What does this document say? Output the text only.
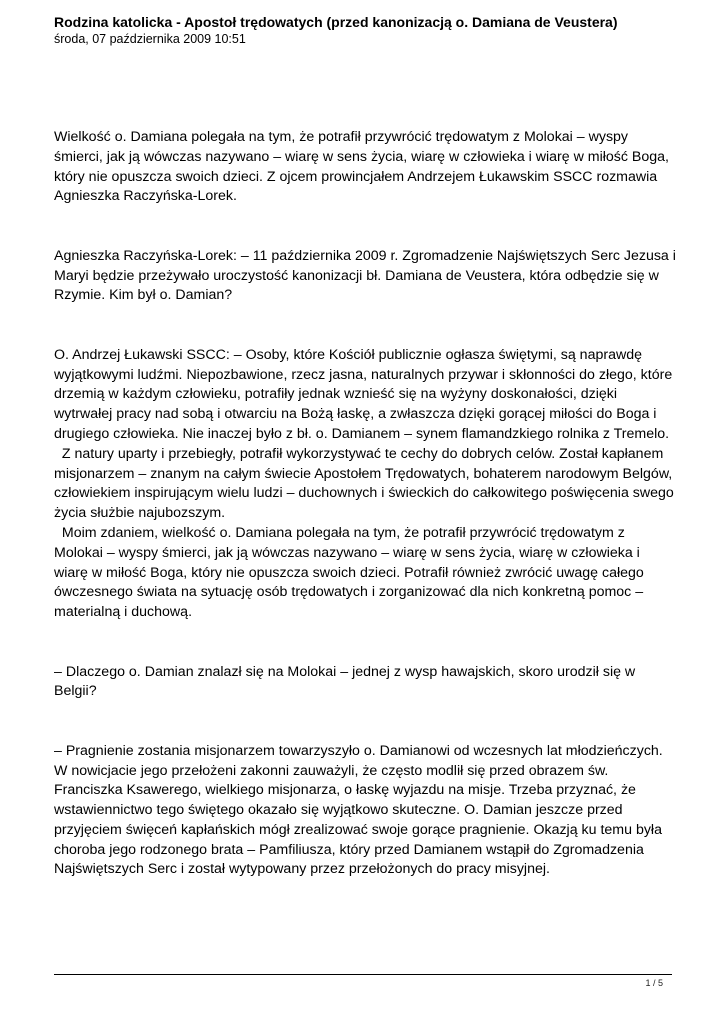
Rodzina katolicka - Apostoł trędowatych (przed kanonizacją o. Damiana de Veustera)
środa, 07 października 2009 10:51

Wielkość o. Damiana polegała na tym, że potrafił przywrócić trędowatym z Molokai – wyspy śmierci, jak ją wówczas nazywano – wiarę w sens życia, wiarę w człowieka i wiarę w miłość Boga, który nie opuszcza swoich dzieci. Z ojcem prowincjałem Andrzejem Łukawskim SSCC rozmawia Agnieszka Raczyńska-Lorek.

Agnieszka Raczyńska-Lorek: – 11 października 2009 r. Zgromadzenie Najświętszych Serc Jezusa i Maryi będzie przeżywało uroczystość kanonizacji bł. Damiana de Veustera, która odbędzie się w Rzymie. Kim był o. Damian?

O. Andrzej Łukawski SSCC: – Osoby, które Kościół publicznie ogłasza świętymi, są naprawdę wyjątkowymi ludźmi. Niepozbawione, rzecz jasna, naturalnych przywar i skłonności do złego, które drzemią w każdym człowieku, potrafiły jednak wznieść się na wyżyny doskonałości, dzięki wytrwałej pracy nad sobą i otwarciu na Bożą łaskę, a zwłaszcza dzięki gorącej miłości do Boga i drugiego człowieka. Nie inaczej było z bł. o. Damianem – synem flamandzkiego rolnika z Tremelo.

Z natury uparty i przebiegły, potrafił wykorzystywać te cechy do dobrych celów. Został kapłanem misjonarzem – znanym na całym świecie Apostołem Trędowatych, bohaterem narodowym Belgów, człowiekiem inspirującym wielu ludzi – duchownych i świeckich do całkowitego poświęcenia swego życia służbie najubozszym.

Moim zdaniem, wielkość o. Damiana polegała na tym, że potrafił przywrócić trędowatym z Molokai – wyspy śmierci, jak ją wówczas nazywano – wiarę w sens życia, wiarę w człowieka i wiarę w miłość Boga, który nie opuszcza swoich dzieci. Potrafił również zwrócić uwagę całego ówczesnego świata na sytuację osób trędowatych i zorganizować dla nich konkretną pomoc – materialną i duchową.

– Dlaczego o. Damian znalazł się na Molokai – jednej z wysp hawajskich, skoro urodził się w Belgii?

– Pragnienie zostania misjonarzem towarzyszyło o. Damianowi od wczesnych lat młodzieńczych. W nowicjacie jego przełożeni zakonni zauważyli, że często modlił się przed obrazem św. Franciszka Ksawerego, wielkiego misjonarza, o łaskę wyjazdu na misje. Trzeba przyznać, że wstawiennictwo tego świętego okazało się wyjątkowo skuteczne. O. Damian jeszcze przed przyjęciem święceń kapłańskich mógł zrealizować swoje gorące pragnienie. Okazją ku temu była choroba jego rodzonego brata – Pamfiliusza, który przed Damianem wstąpił do Zgromadzenia Najświętszych Serc i został wytypowany przez przełożonych do pracy misyjnej.

1 / 5
